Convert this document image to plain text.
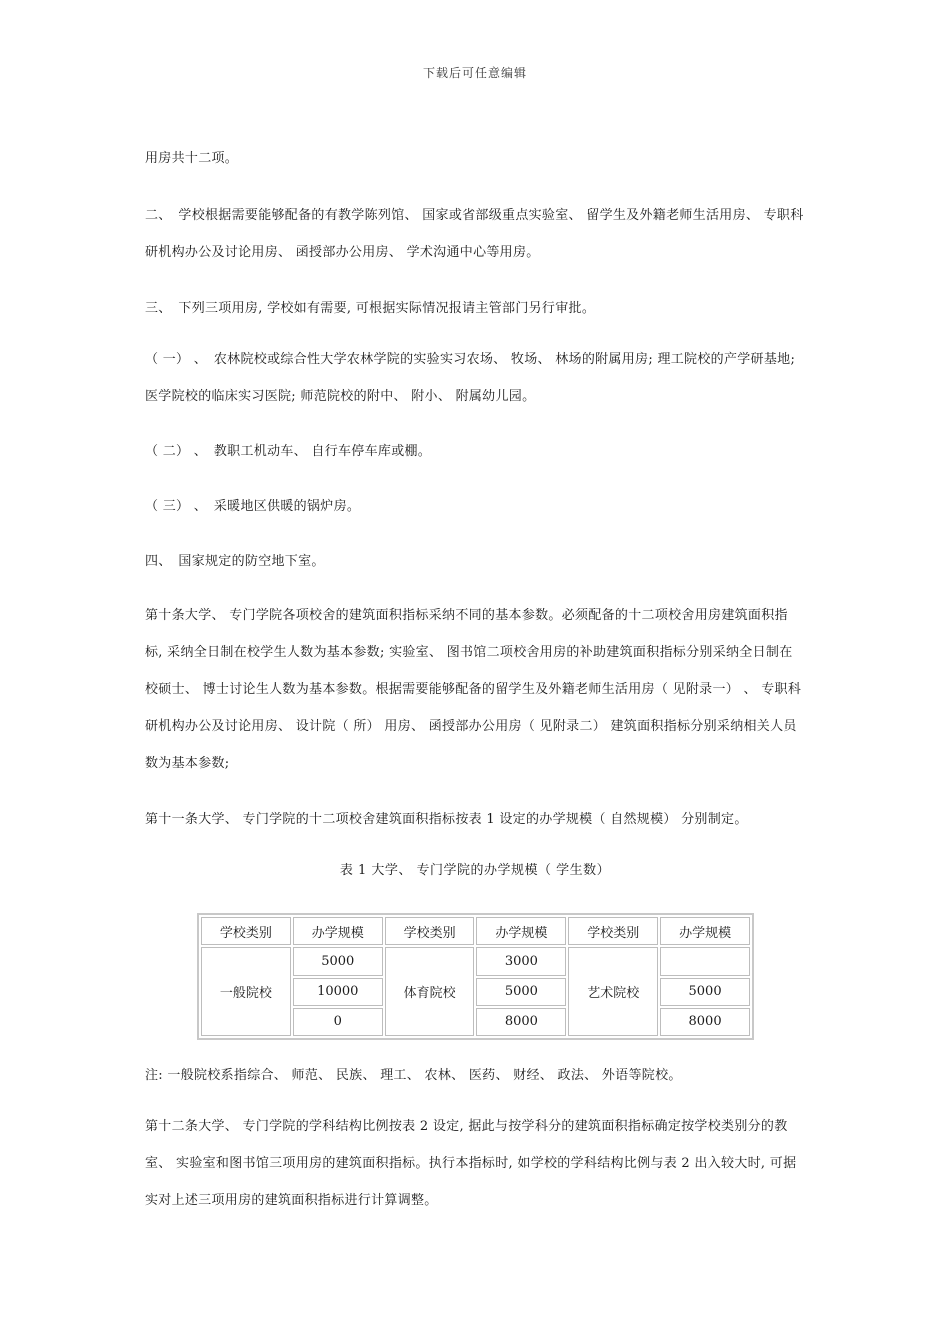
下载后可任意编辑

用房共十二项。

二、　学校根据需要能够配备的有教学陈列馆、 国家或省部级重点实验室、 留学生及外籍老师生活用房、 专职科研机构办公及讨论用房、 函授部办公用房、 学术沟通中心等用房。

三、　下列三项用房, 学校如有需要, 可根据实际情况报请主管部门另行审批。

（ 一） 、　农林院校或综合性大学农林学院的实验实习农场、 牧场、 林场的附属用房; 理工院校的产学研基地; 医学院校的临床实习医院; 师范院校的附中、 附小、 附属幼儿园。

（ 二） 、　教职工机动车、 自行车停车库或棚。

（ 三） 、　采暖地区供暖的锅炉房。

四、　国家规定的防空地下室。

第十条大学、 专门学院各项校舍的建筑面积指标采纳不同的基本参数。必须配备的十二项校舍用房建筑面积指标, 采纳全日制在校学生人数为基本参数; 实验室、 图书馆二项校舍用房的补助建筑面积指标分别采纳全日制在校硕士、 博士讨论生人数为基本参数。根据需要能够配备的留学生及外籍老师生活用房（ 见附录一） 、 专职科研机构办公及讨论用房、 设计院（ 所） 用房、 函授部办公用房（ 见附录二） 建筑面积指标分别采纳相关人员数为基本参数;

第十一条大学、 专门学院的十二项校舍建筑面积指标按表 1 设定的办学规模（ 自然规模） 分别制定。

表 1 大学、 专门学院的办学规模（ 学生数）
学校类别	办学规模	学校类别	办学规模	学校类别	办学规模
一般院校	5000	体育院校	3000	艺术院校	
	10000		5000		5000
	0		8000		8000

注: 一般院校系指综合、 师范、 民族、 理工、 农林、 医药、 财经、 政法、 外语等院校。

第十二条大学、 专门学院的学科结构比例按表 2 设定, 据此与按学科分的建筑面积指标确定按学校类别分的教室、 实验室和图书馆三项用房的建筑面积指标。执行本指标时, 如学校的学科结构比例与表 2 出入较大时, 可据实对上述三项用房的建筑面积指标进行计算调整。
